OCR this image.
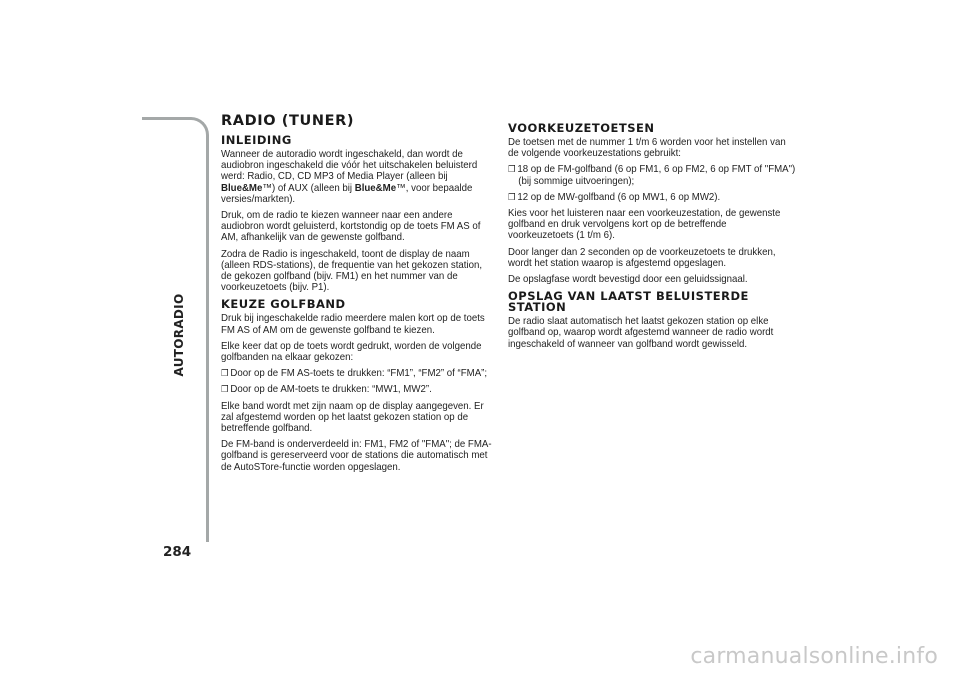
AUTORADIO
284
RADIO (TUNER)
INLEIDING

Wanneer de autoradio wordt ingeschakeld, dan wordt de audiobron ingeschakeld die vóór het uitschakelen beluisterd werd: Radio, CD, CD MP3 of Media Player (alleen bij Blue&Me™) of AUX (alleen bij Blue&Me™, voor bepaalde versies/markten).

Druk, om de radio te kiezen wanneer naar een andere audiobron wordt geluisterd, kortstondig op de toets FM AS of AM, afhankelijk van de gewenste golfband.

Zodra de Radio is ingeschakeld, toont de display de naam (alleen RDS-stations), de frequentie van het gekozen station, de gekozen golfband (bijv. FM1) en het nummer van de voorkeuzetoets (bijv. P1).

KEUZE GOLFBAND

Druk bij ingeschakelde radio meerdere malen kort op de toets FM AS of AM om de gewenste golfband te kiezen.

Elke keer dat op de toets wordt gedrukt, worden de volgende golfbanden na elkaar gekozen:

❒ Door op de FM AS-toets te drukken: “FM1”, “FM2” of “FMA”;

❒ Door op de AM-toets te drukken: “MW1, MW2”.

Elke band wordt met zijn naam op de display aangegeven. Er zal afgestemd worden op het laatst gekozen station op de betreffende golfband.

De FM-band is onderverdeeld in: FM1, FM2 of "FMA"; de FMA-golfband is gereserveerd voor de stations die automatisch met de AutoSTore-functie worden opgeslagen.

VOORKEUZETOETSEN

De toetsen met de nummer 1 t/m 6 worden voor het instellen van de volgende voorkeuzestations gebruikt:

❒ 18 op de FM-golfband (6 op FM1, 6 op FM2, 6 op FMT of "FMA") (bij sommige uitvoeringen);

❒ 12 op de MW-golfband (6 op MW1, 6 op MW2).

Kies voor het luisteren naar een voorkeuzestation, de gewenste golfband en druk vervolgens kort op de betreffende voorkeuzetoets (1 t/m 6).

Door langer dan 2 seconden op de voorkeuzetoets te drukken, wordt het station waarop is afgestemd opgeslagen.

De opslagfase wordt bevestigd door een geluidssignaal.

OPSLAG VAN LAATST BELUISTERDE STATION

De radio slaat automatisch het laatst gekozen station op elke golfband op, waarop wordt afgestemd wanneer de radio wordt ingeschakeld of wanneer van golfband wordt gewisseld.

carmanualsonline.info
